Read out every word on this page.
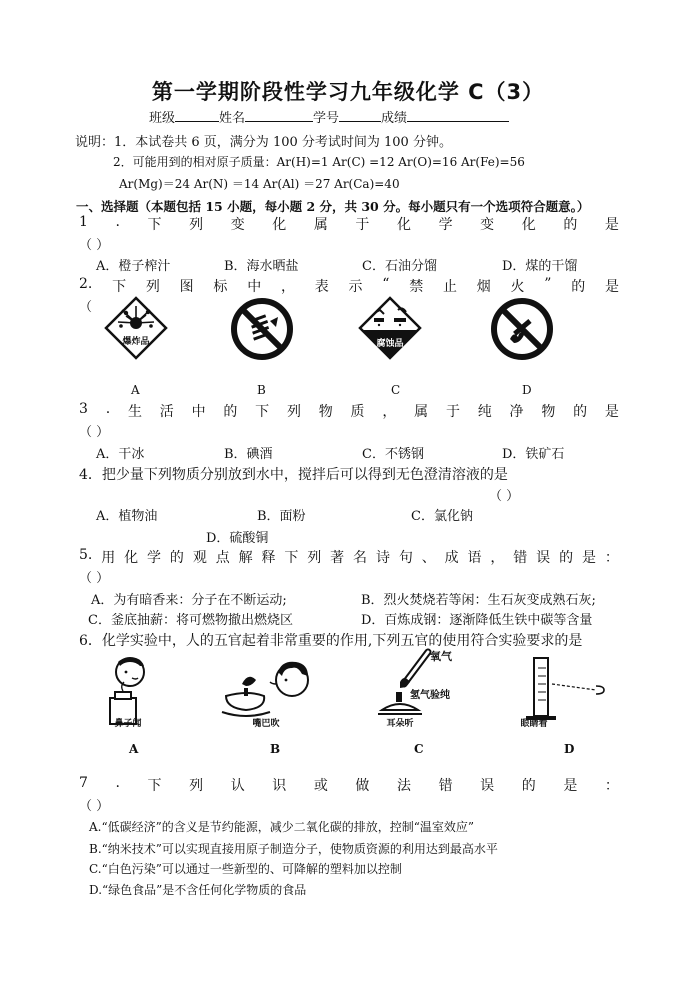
第一学期阶段性学习九年级化学 C（3）
班级	姓名	学号	成绩
说明：1．本试卷共 6 页，满分为 100 分考试时间为 100 分钟。
2．可能用到的相对原子质量：Ar(H)=1 Ar(C) =12 Ar(O)=16 Ar(Fe)=56
Ar(Mg)＝24 Ar(N) ＝14 Ar(Al) ＝27 Ar(Ca)=40
一、选择题（本题包括 15 小题，每小题 2 分，共 30 分。每小题只有一个选项符合题意。）
1 . 下 列 变 化 属 于 化 学 变 化 的 是
（ ）
A．橙子榨汁	B．海水晒盐	C．石油分馏	D．煤的干馏
2. 下 列 图 标 中 ， 表 示 “ 禁 止 烟 火 ” 的 是
（
爆炸品	腐蚀品
A	B	C	D
3 . 生 活 中 的 下 列 物 质 ， 属 于 纯 净 物 的 是
（ ）
A．干冰	B．碘酒	C．不锈钢	D．铁矿石
4．把少量下列物质分别放到水中，搅拌后可以得到无色澄清溶液的是
（ ）
A．植物油	B．面粉	C．氯化钠
D．硫酸铜
5. 用 化 学 的 观 点 解 释 下 列 著 名 诗 句 、 成 语 ， 错 误 的 是 ：
（ ）
A．为有暗香来：分子在不断运动;	B．烈火焚烧若等闲：生石灰变成熟石灰;
C．釜底抽薪：将可燃物撤出燃烧区	D．百炼成钢：逐渐降低生铁中碳等含量
6．化学实验中，人的五官起着非常重要的作用,下列五官的使用符合实验要求的是
鼻子闻	嘴巴吹
氧气
氢气验纯
耳朵听	眼睛看
A	B	C	D
7 . 下 列 认 识 或 做 法 错 误 的 是 ：
（ ）
A.“低碳经济”的含义是节约能源，减少二氧化碳的排放，控制“温室效应”
B.“纳米技术”可以实现直接用原子制造分子，使物质资源的利用达到最高水平
C.“白色污染”可以通过一些新型的、可降解的塑料加以控制
D.“绿色食品”是不含任何化学物质的食品
